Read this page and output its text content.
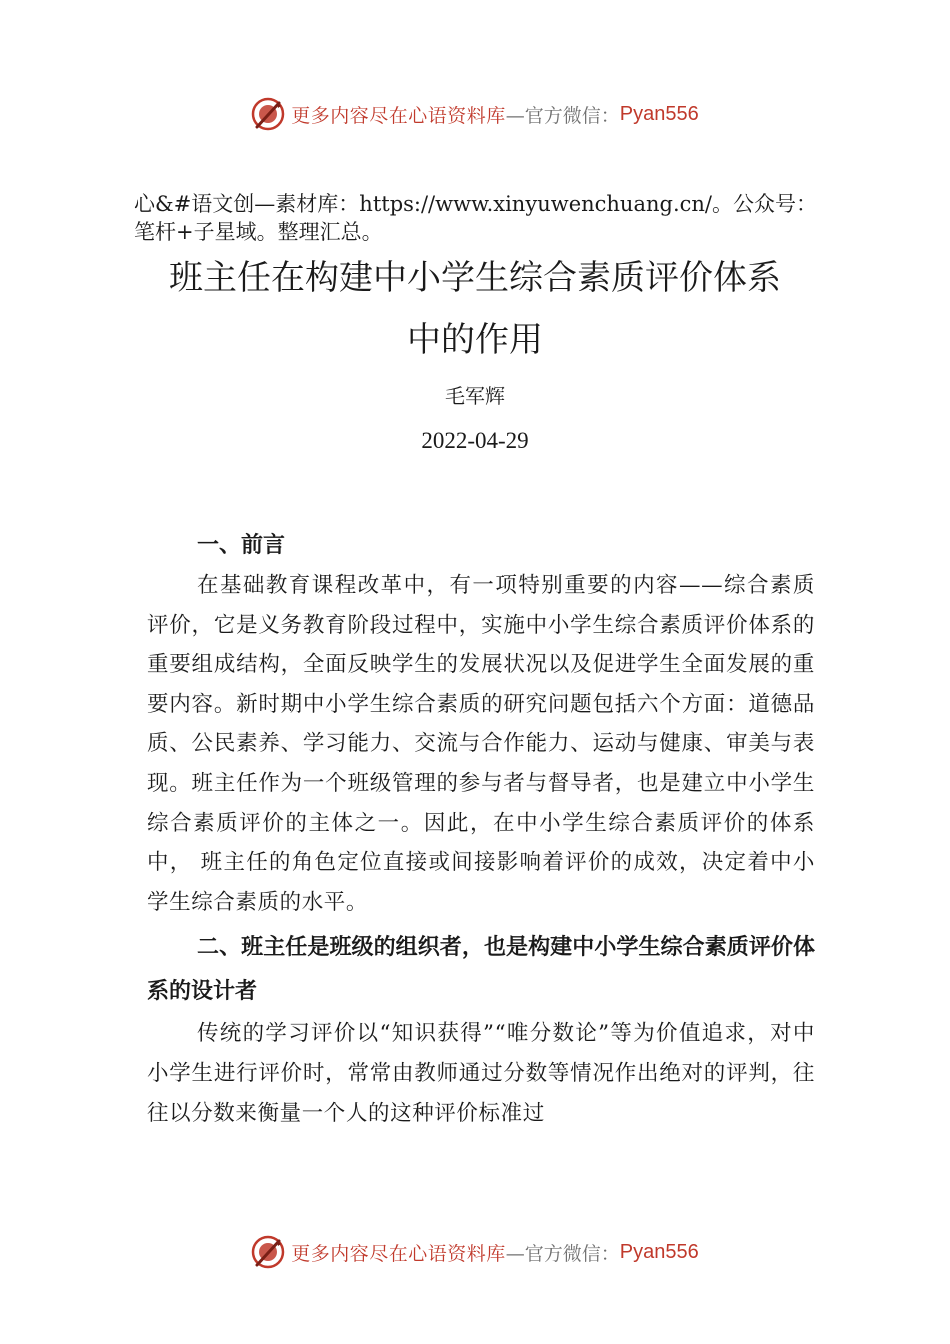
更多内容尽在心语资料库 —官方微信： Pyan556
心&#语文创—素材库：https://www.xinyuwenchuang.cn/。公众号：笔杆+子星域。整理汇总。
班主任在构建中小学生综合素质评价体系
中的作用
毛军辉
2022-04-29

一、前言

在基础教育课程改革中，有一项特别重要的内容——综合素质评价，它是义务教育阶段过程中，实施中小学生综合素质评价体系的重要组成结构，全面反映学生的发展状况以及促进学生全面发展的重要内容。新时期中小学生综合素质的研究问题包括六个方面：道德品质、公民素养、学习能力、交流与合作能力、运动与健康、审美与表现。班主任作为一个班级管理的参与者与督导者，也是建立中小学生综合素质评价的主体之一。因此，在中小学生综合素质评价的体系中， 班主任的角色定位直接或间接影响着评价的成效，决定着中小学生综合素质的水平。

二、班主任是班级的组织者，也是构建中小学生综合素质评价体系的设计者

传统的学习评价以“知识获得”“唯分数论”等为价值追求，对中小学生进行评价时，常常由教师通过分数等情况作出绝对的评判，往往以分数来衡量一个人的这种评价标准过

更多内容尽在心语资料库 —官方微信： Pyan556
